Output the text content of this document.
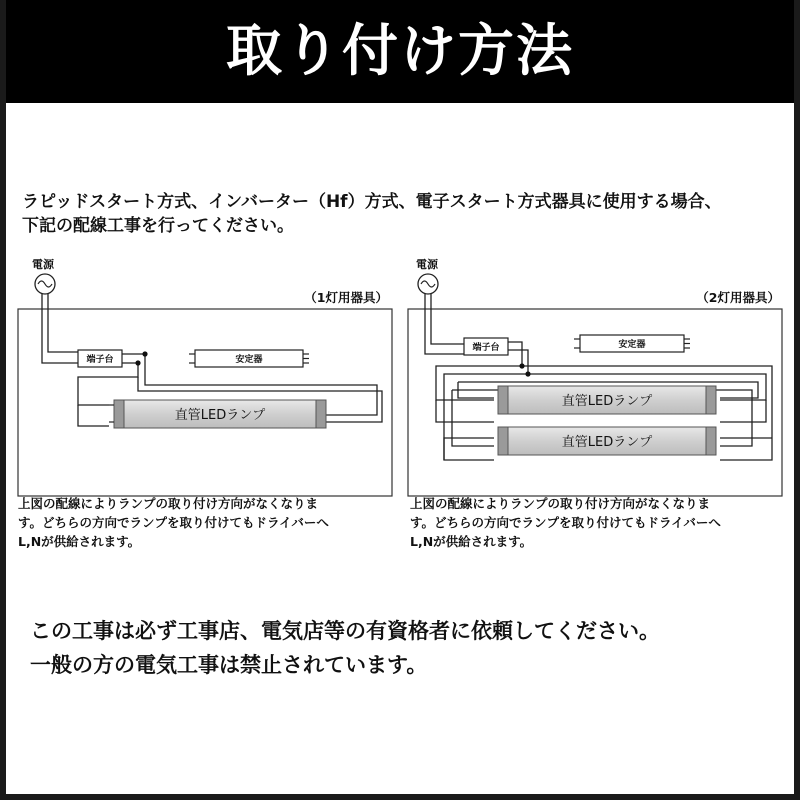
取り付け方法
ラピッドスタート方式、インバーター（Hf）方式、電子スタート方式器具に使用する場合、
下記の配線工事を行ってください。
電源
（1灯用器具）
端子台	安定器
直管LEDランプ
上図の配線によりランプの取り付け方向がなくなりま
す。どちらの方向でランプを取り付けてもドライバーへ
L,Nが供給されます。
電源
（2灯用器具）
端子台	安定器
直管LEDランプ
直管LEDランプ
上図の配線によりランプの取り付け方向がなくなりま
す。どちらの方向でランプを取り付けてもドライバーへ
L,Nが供給されます。
この工事は必ず工事店、電気店等の有資格者に依頼してください。
一般の方の電気工事は禁止されています。
